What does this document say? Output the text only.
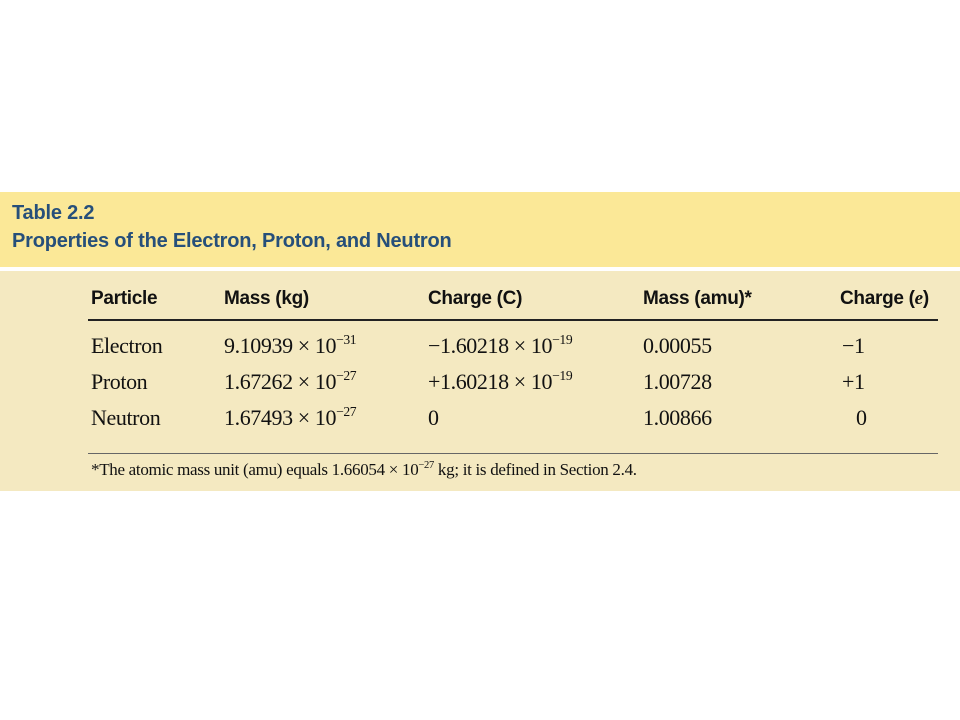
Table 2.2
Properties of the Electron, Proton, and Neutron
Particle	Mass (kg)	Charge (C)	Mass (amu)*	Charge (e)
Electron	$9.10939 \times 10^{-31}$	$-1.60218 \times 10^{-19}$	0.00055	−1
Proton	$1.67262 \times 10^{-27}$	$+1.60218 \times 10^{-19}$	1.00728	+1
Neutron	$1.67493 \times 10^{-27}$	0	1.00866	0
*The atomic mass unit (amu) equals $1.66054 \times 10^{-27}$ kg; it is defined in Section 2.4.
